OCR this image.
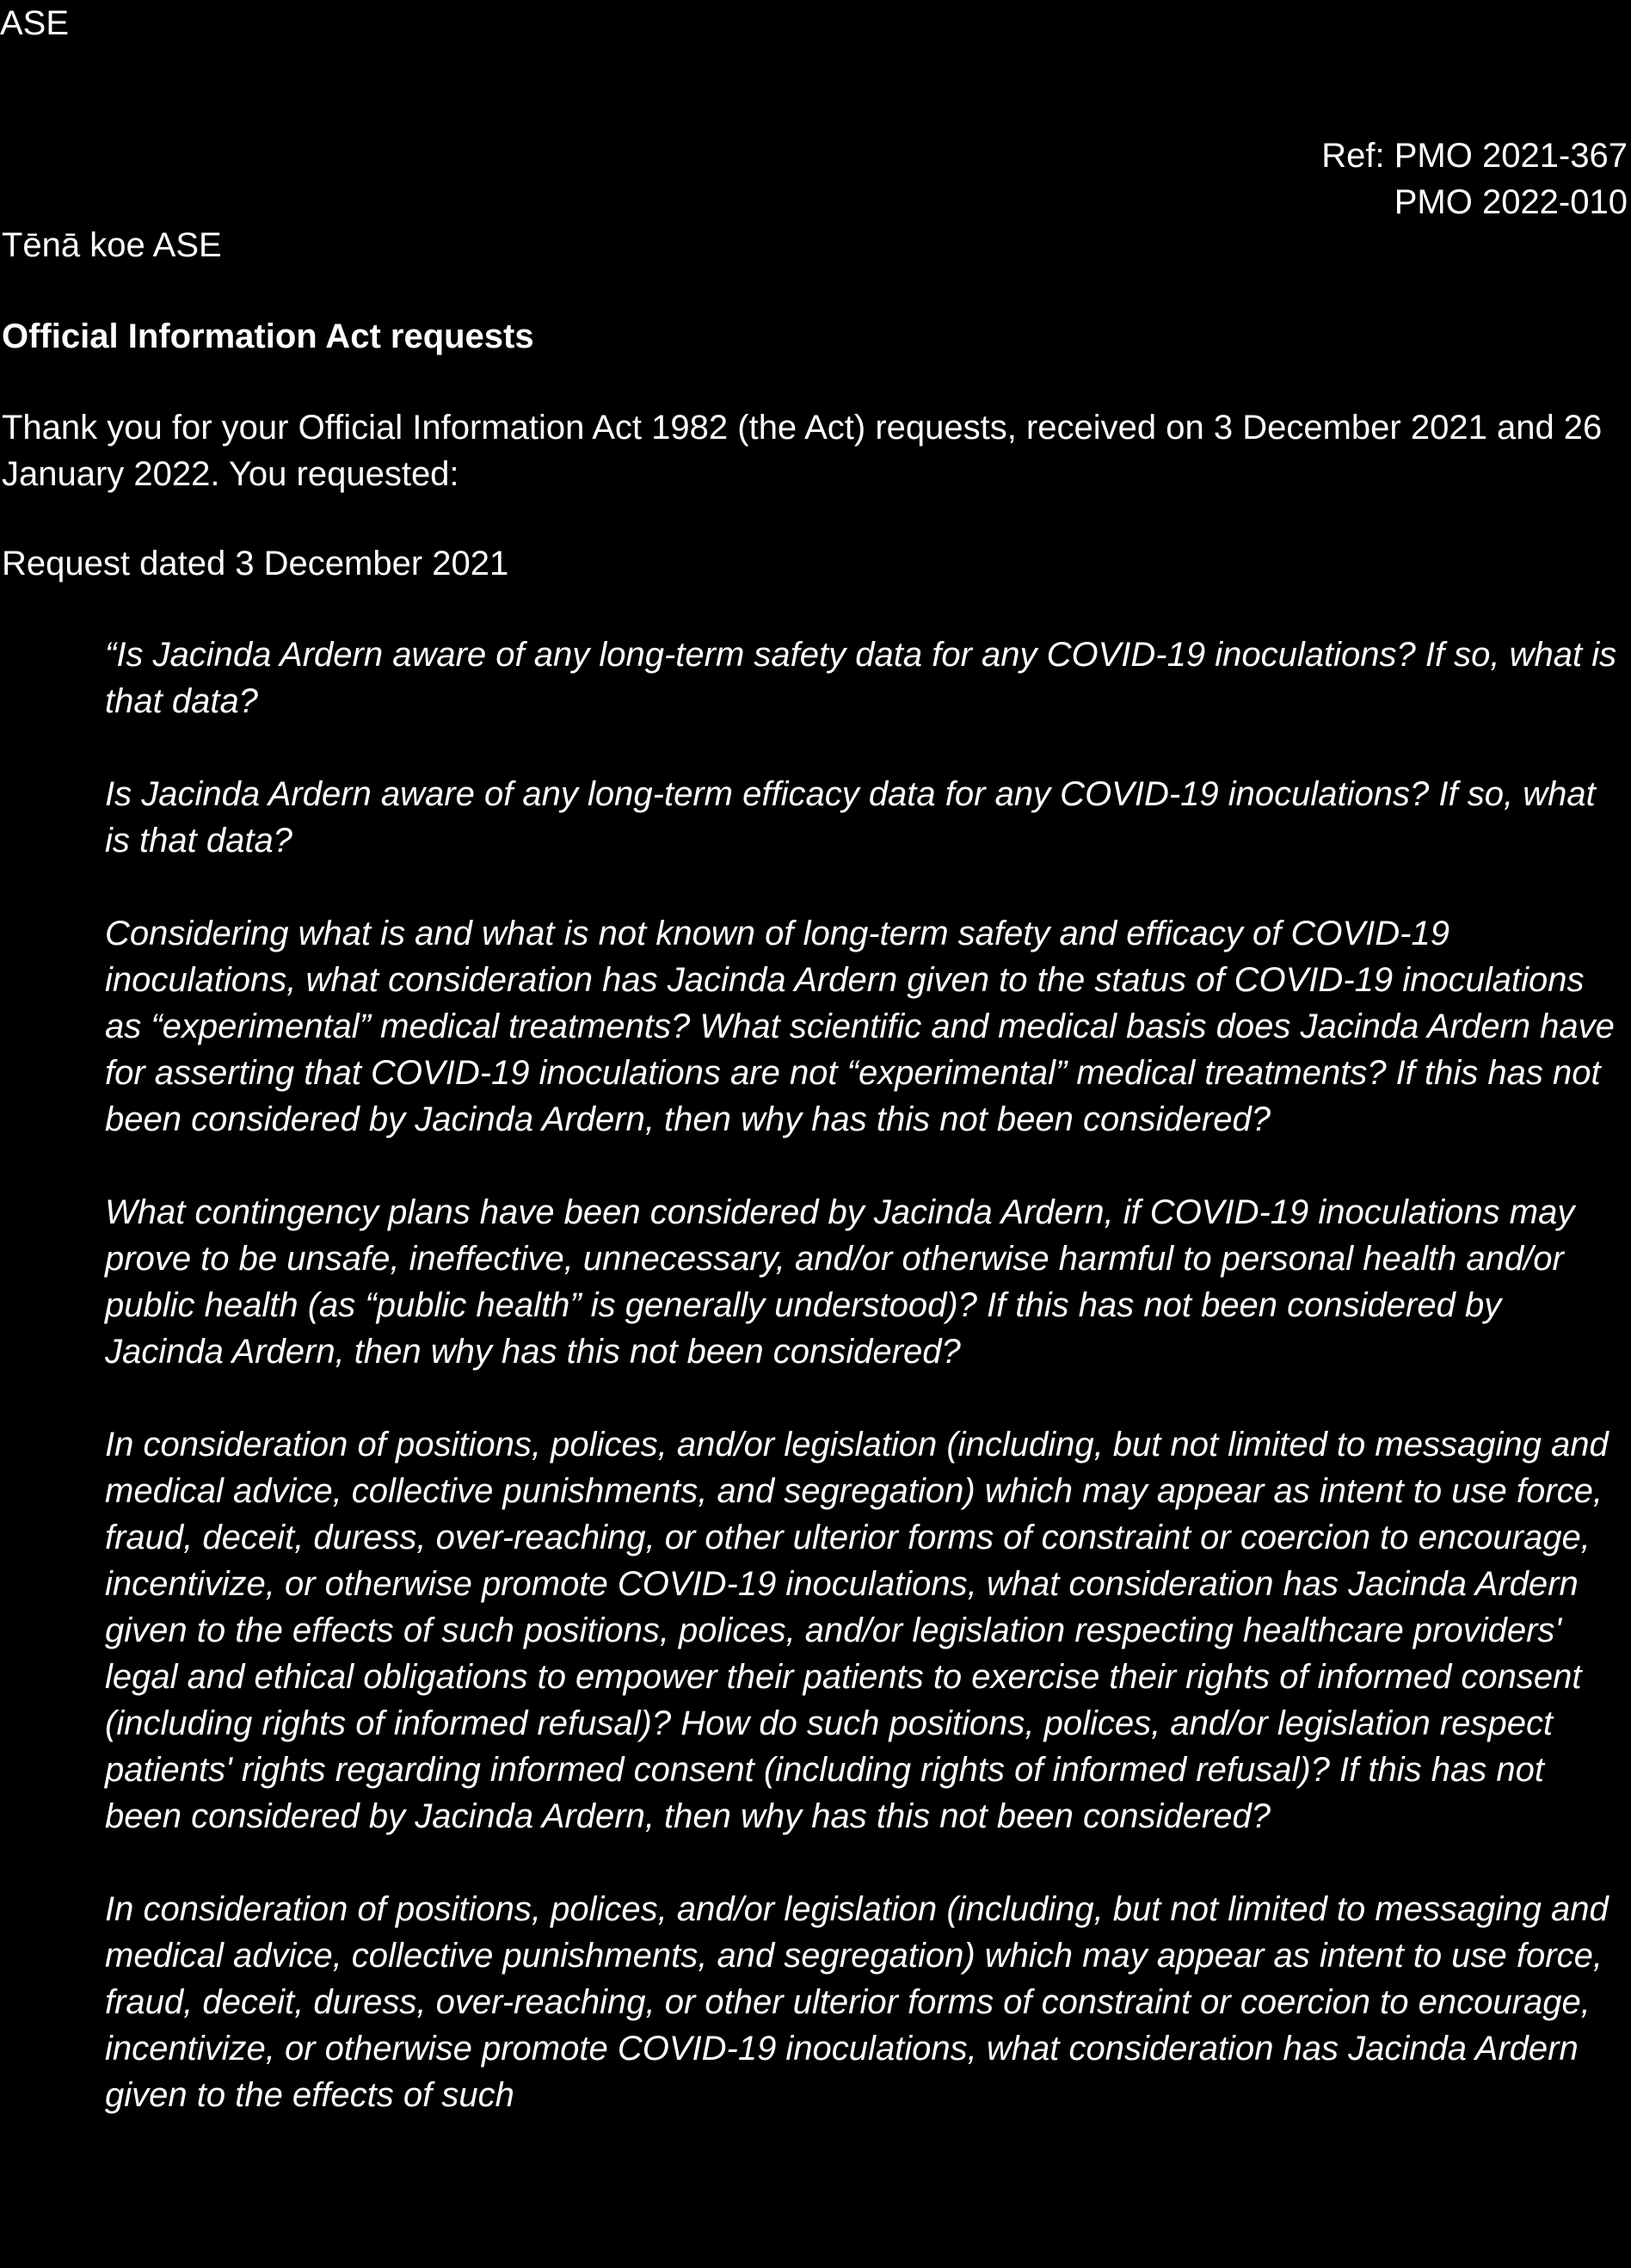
ASE
Ref: PMO 2021-367
PMO 2022-010
Tēnā koe ASE
Official Information Act requests
Thank you for your Official Information Act 1982 (the Act) requests, received on 3 December 2021 and 26 January 2022. You requested:
Request dated 3 December 2021

“Is Jacinda Ardern aware of any long-term safety data for any COVID-19 inoculations? If so, what is that data?

Is Jacinda Ardern aware of any long-term efficacy data for any COVID-19 inoculations? If so, what is that data?

Considering what is and what is not known of long-term safety and efficacy of COVID-19 inoculations, what consideration has Jacinda Ardern given to the status of COVID-19 inoculations as “experimental” medical treatments? What scientific and medical basis does Jacinda Ardern have for asserting that COVID-19 inoculations are not “experimental” medical treatments? If this has not been considered by Jacinda Ardern, then why has this not been considered?

What contingency plans have been considered by Jacinda Ardern, if COVID-19 inoculations may prove to be unsafe, ineffective, unnecessary, and/or otherwise harmful to personal health and/or public health (as “public health” is generally understood)? If this has not been considered by Jacinda Ardern, then why has this not been considered?

In consideration of positions, polices, and/or legislation (including, but not limited to messaging and medical advice, collective punishments, and segregation) which may appear as intent to use force, fraud, deceit, duress, over-reaching, or other ulterior forms of constraint or coercion to encourage, incentivize, or otherwise promote COVID-19 inoculations, what consideration has Jacinda Ardern given to the effects of such positions, polices, and/or legislation respecting healthcare providers' legal and ethical obligations to empower their patients to exercise their rights of informed consent (including rights of informed refusal)? How do such positions, polices, and/or legislation respect patients' rights regarding informed consent (including rights of informed refusal)? If this has not been considered by Jacinda Ardern, then why has this not been considered?

In consideration of positions, polices, and/or legislation (including, but not limited to messaging and medical advice, collective punishments, and segregation) which may appear as intent to use force, fraud, deceit, duress, over-reaching, or other ulterior forms of constraint or coercion to encourage, incentivize, or otherwise promote COVID-19 inoculations, what consideration has Jacinda Ardern given to the effects of such
